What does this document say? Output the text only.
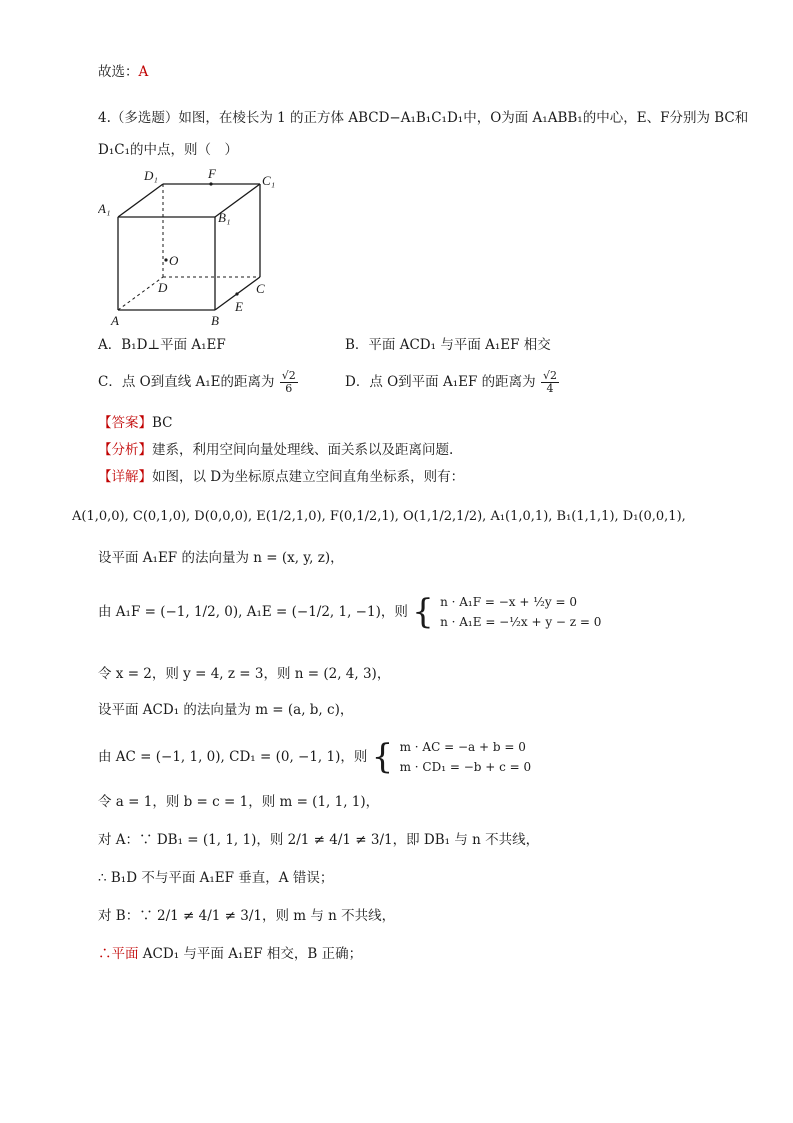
故选：A
4.（多选题）如图，在棱长为 1 的正方体 ABCD−A₁B₁C₁D₁中，O为面 A₁ABB₁的中心，E、F分别为 BC和
D₁C₁的中点，则（　）
D₁	F	C₁
A₁
B₁
O
D	C
A	B
E
A．B₁D⊥平面 A₁EF	B．平面 ACD₁ 与平面 A₁EF 相交
C．点 O到直线 A₁E的距离为 $\frac{√2}{6}$	D．点 O到平面 A₁EF 的距离为 $\frac{√2}{4}$
【答案】BC
【分析】建系，利用空间向量处理线、面关系以及距离问题.
【详解】如图，以 D为坐标原点建立空间直角坐标系，则有：
A(1,0,0), C(0,1,0), D(0,0,0), E(1/2,1,0), F(0,1/2,1), O(1,1/2,1/2), A₁(1,0,1), B₁(1,1,1), D₁(0,0,1),
设平面 A₁EF 的法向量为 n = (x, y, z)，
由 A₁F = (−1, 1/2, 0), A₁E = (−1/2, 1, −1)，则 { n · A₁F = −x + ½y = 0
n · A₁E = −½x + y − z = 0
令 x = 2，则 y = 4, z = 3，则 n = (2, 4, 3)，
设平面 ACD₁ 的法向量为 m = (a, b, c)，
由 AC = (−1, 1, 0), CD₁ = (0, −1, 1)，则 { m · AC = −a + b = 0
m · CD₁ = −b + c = 0
令 a = 1，则 b = c = 1，则 m = (1, 1, 1)，
对 A：∵ DB₁ = (1, 1, 1)，则 2/1 ≠ 4/1 ≠ 3/1，即 DB₁ 与 n 不共线，
∴ B₁D 不与平面 A₁EF 垂直，A 错误；
对 B：∵ 2/1 ≠ 4/1 ≠ 3/1，则 m 与 n 不共线，
∴平面 ACD₁ 与平面 A₁EF 相交，B 正确；
